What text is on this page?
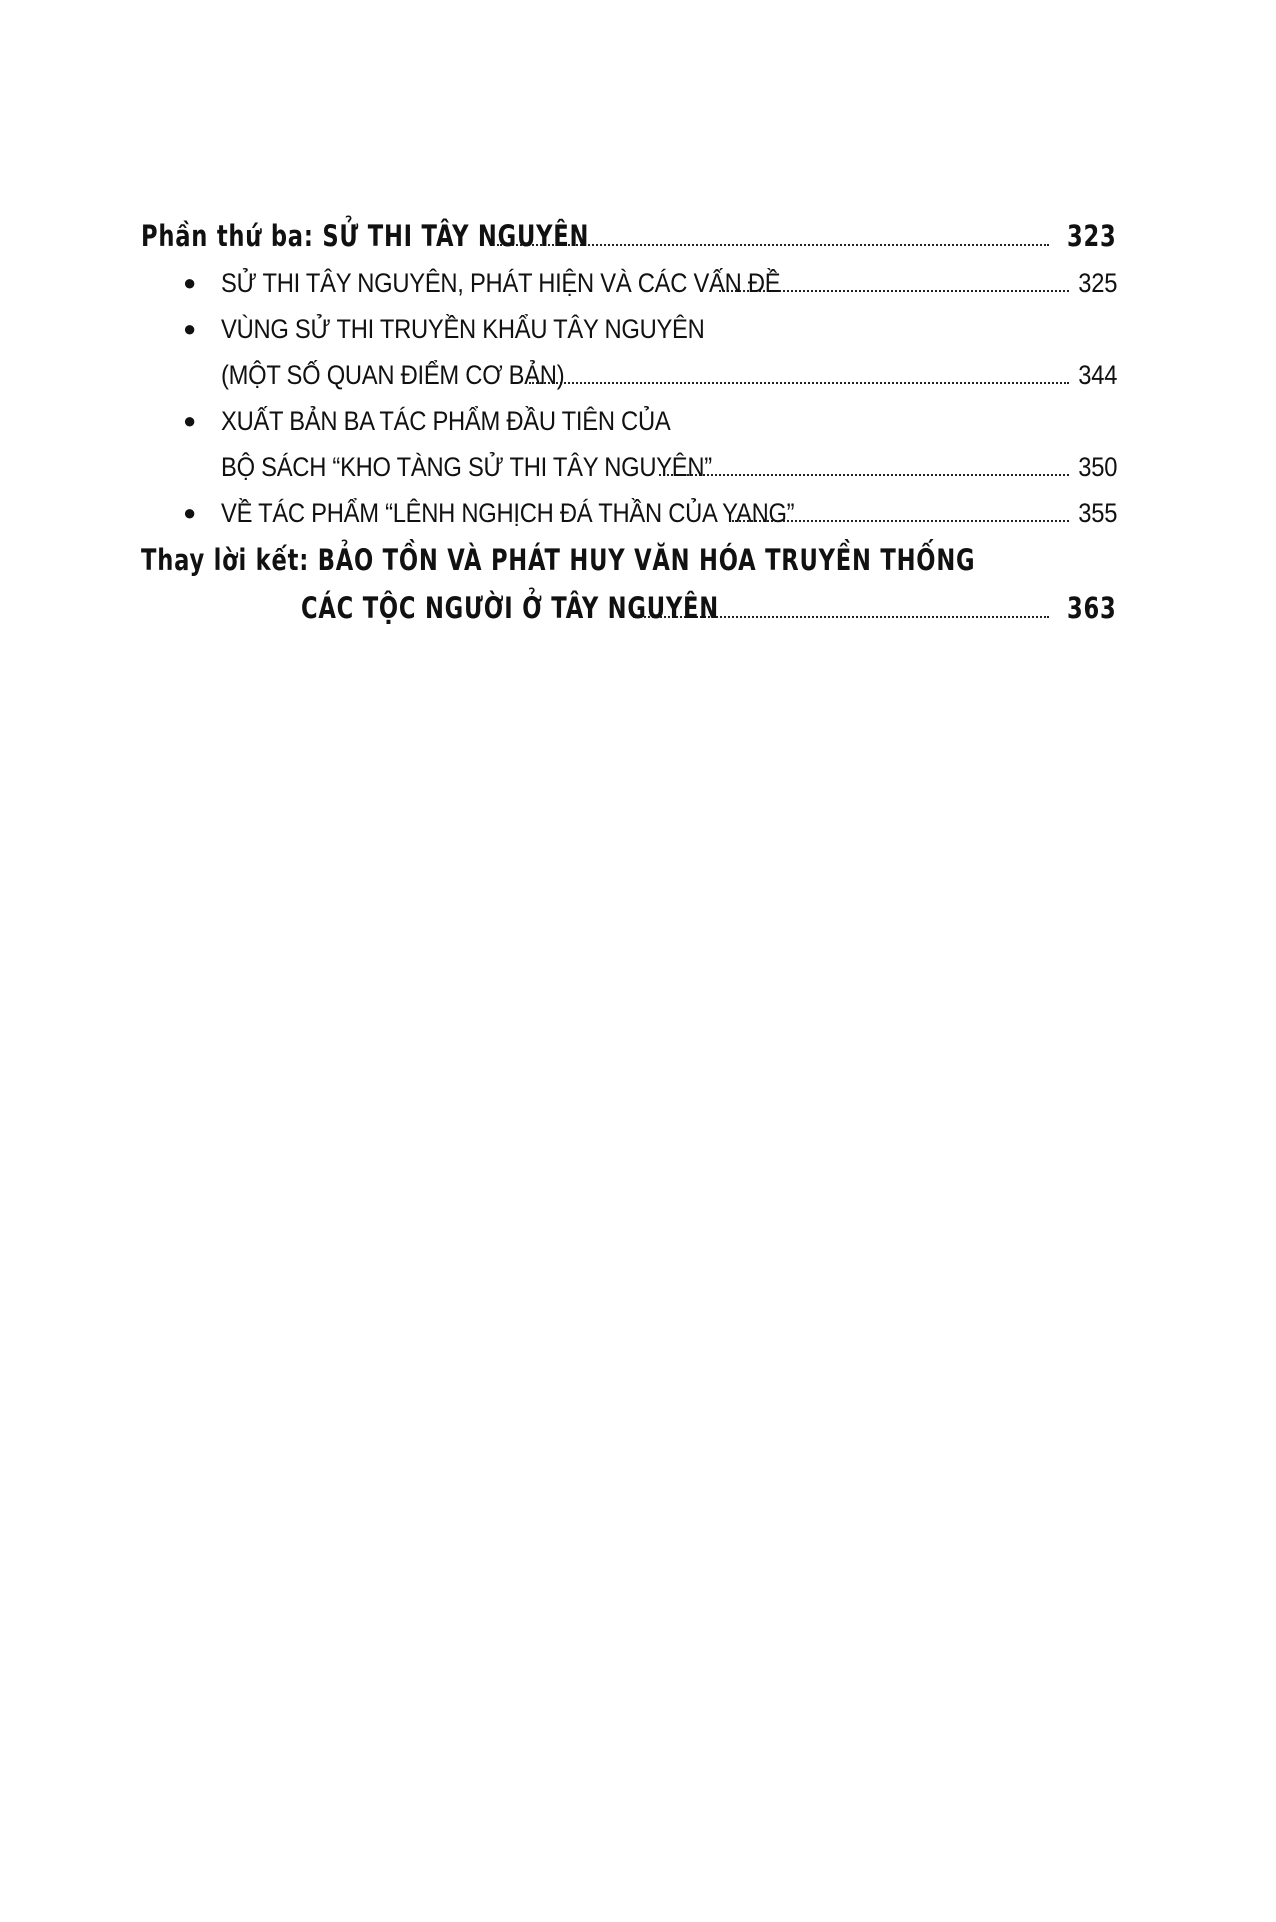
Phần thứ ba: SỬ THI TÂY NGUYÊN	323
● SỬ THI TÂY NGUYÊN, PHÁT HIỆN VÀ CÁC VẤN ĐỀ	325
● VÙNG SỬ THI TRUYỀN KHẨU TÂY NGUYÊN
(MỘT SỐ QUAN ĐIỂM CƠ BẢN)	344
● XUẤT BẢN BA TÁC PHẨM ĐẦU TIÊN CỦA
BỘ SÁCH “KHO TÀNG SỬ THI TÂY NGUYÊN”	350
● VỀ TÁC PHẨM “LÊNH NGHỊCH ĐÁ THẦN CỦA YANG”	355
Thay lời kết: BẢO TỒN VÀ PHÁT HUY VĂN HÓA TRUYỀN THỐNG
CÁC TỘC NGƯỜI Ở TÂY NGUYÊN	363
